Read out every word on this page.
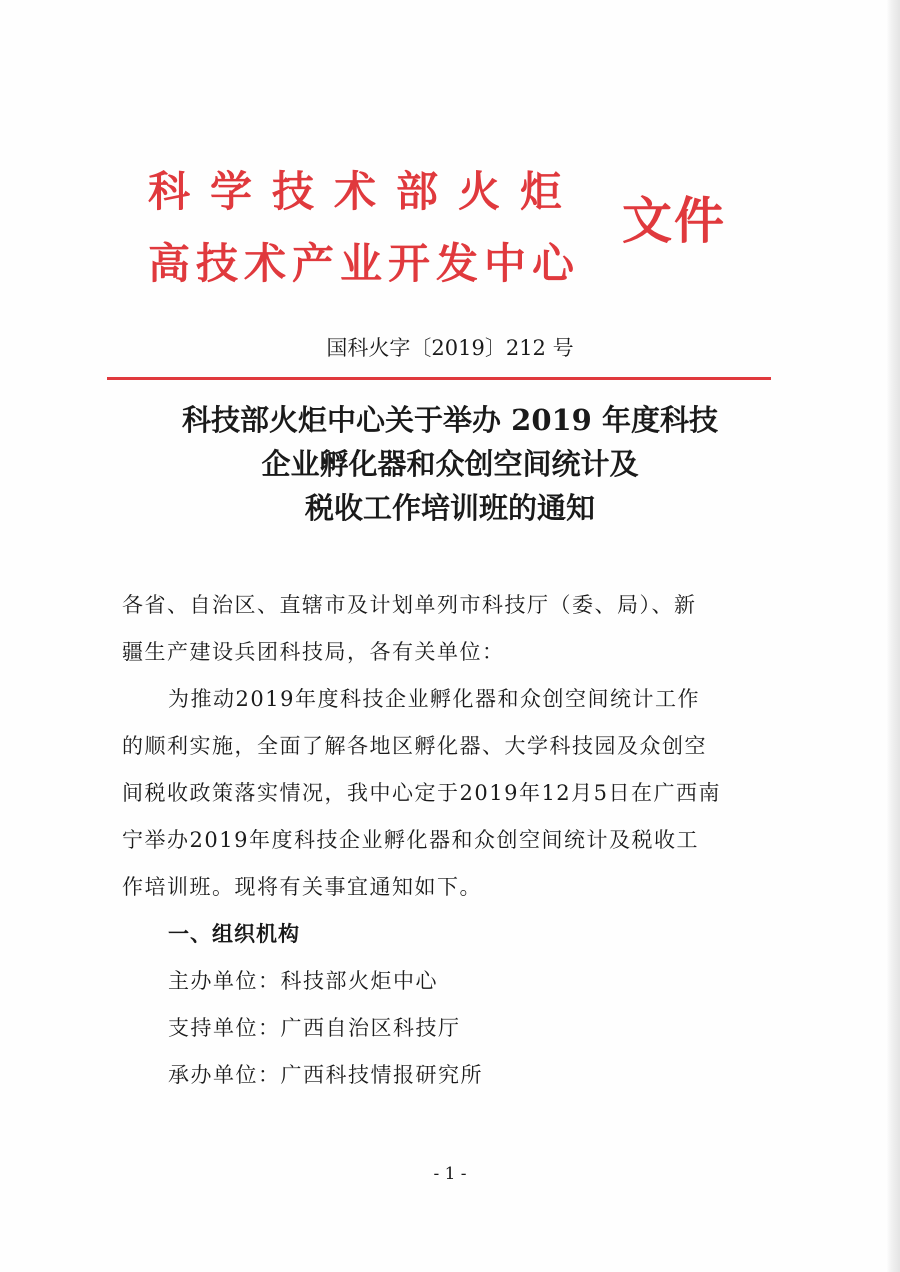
科学技术部火炬
高技术产业开发中心
文件
国科火字〔2019〕212 号
科技部火炬中心关于举办 2019 年度科技
企业孵化器和众创空间统计及
税收工作培训班的通知

各省、自治区、直辖市及计划单列市科技厅（委、局）、新

疆生产建设兵团科技局，各有关单位：

为推动2019年度科技企业孵化器和众创空间统计工作

的顺利实施，全面了解各地区孵化器、大学科技园及众创空

间税收政策落实情况，我中心定于2019年12月5日在广西南

宁举办2019年度科技企业孵化器和众创空间统计及税收工

作培训班。现将有关事宜通知如下。

一、组织机构

主办单位：科技部火炬中心

支持单位：广西自治区科技厅

承办单位：广西科技情报研究所

- 1 -
